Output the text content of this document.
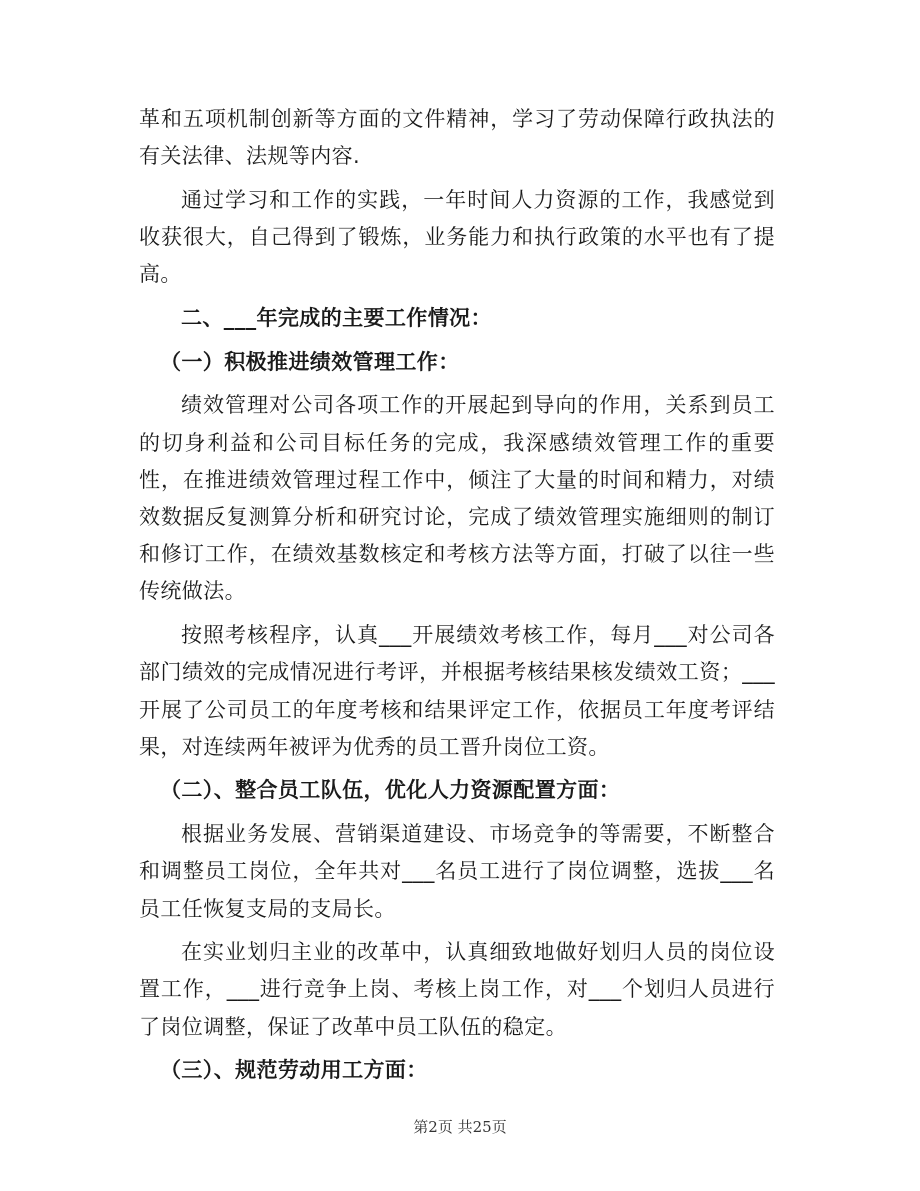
革和五项机制创新等方面的文件精神，学习了劳动保障行政执法的有关法律、法规等内容.

通过学习和工作的实践，一年时间人力资源的工作，我感觉到收获很大，自己得到了锻炼，业务能力和执行政策的水平也有了提高。

二、___年完成的主要工作情况：

（一）积极推进绩效管理工作：

绩效管理对公司各项工作的开展起到导向的作用，关系到员工的切身利益和公司目标任务的完成，我深感绩效管理工作的重要性，在推进绩效管理过程工作中，倾注了大量的时间和精力，对绩效数据反复测算分析和研究讨论，完成了绩效管理实施细则的制订和修订工作，在绩效基数核定和考核方法等方面，打破了以往一些传统做法。

按照考核程序，认真___开展绩效考核工作，每月___对公司各部门绩效的完成情况进行考评，并根据考核结果核发绩效工资；___开展了公司员工的年度考核和结果评定工作，依据员工年度考评结果，对连续两年被评为优秀的员工晋升岗位工资。

（二）、整合员工队伍，优化人力资源配置方面：

根据业务发展、营销渠道建设、市场竞争的等需要，不断整合和调整员工岗位，全年共对___名员工进行了岗位调整，选拔___名员工任恢复支局的支局长。

在实业划归主业的改革中，认真细致地做好划归人员的岗位设置工作，___进行竞争上岗、考核上岗工作，对___个划归人员进行了岗位调整，保证了改革中员工队伍的稳定。

（三）、规范劳动用工方面：

第2页 共25页
